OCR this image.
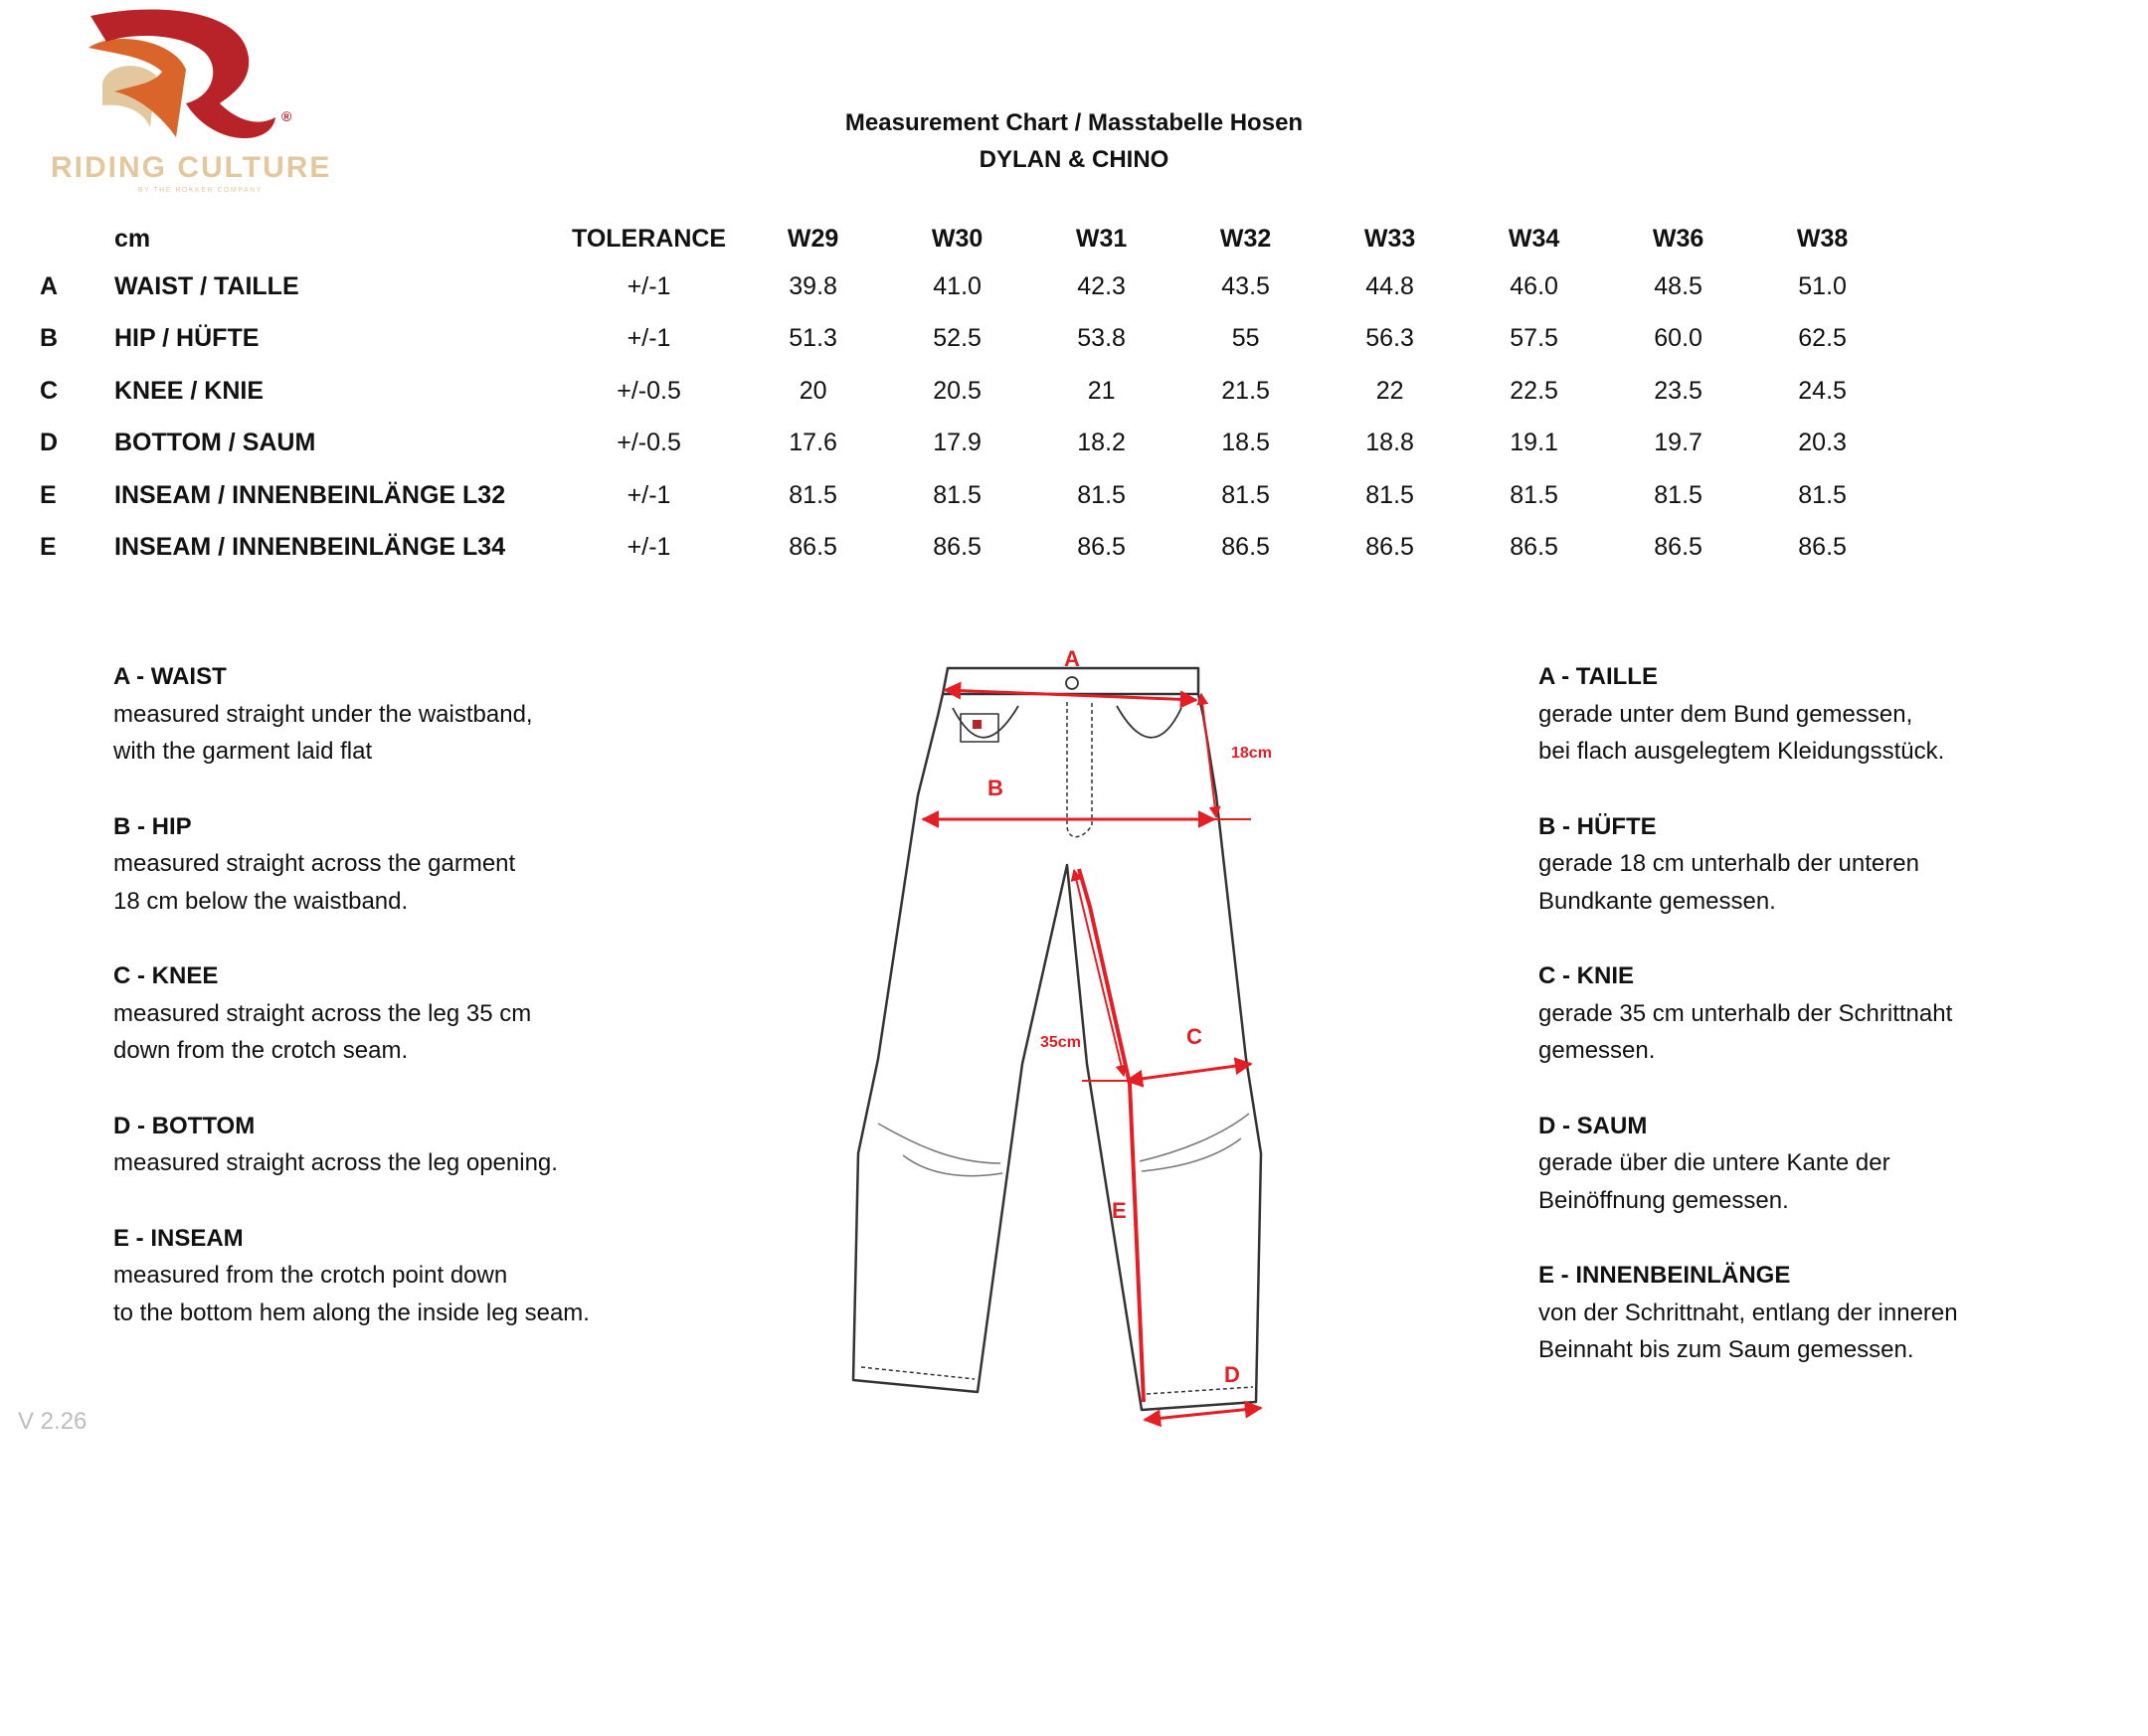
®
RIDING CULTURE
BY THE ROKKER COMPANY
Measurement Chart / Masstabelle Hosen
DYLAN & CHINO
	cm	TOLERANCE		W29	W30	W31	W32	W33	W34	W36	W38
A	WAIST / TAILLE	+/-1		39.8	41.0	42.3	43.5	44.8	46.0	48.5	51.0
B	HIP / HÜFTE	+/-1		51.3	52.5	53.8	55	56.3	57.5	60.0	62.5
C	KNEE / KNIE	+/-0.5		20	20.5	21	21.5	22	22.5	23.5	24.5
D	BOTTOM / SAUM	+/-0.5		17.6	17.9	18.2	18.5	18.8	19.1	19.7	20.3
E	INSEAM / INNENBEINLÄNGE L32	+/-1		81.5	81.5	81.5	81.5	81.5	81.5	81.5	81.5
E	INSEAM / INNENBEINLÄNGE L34	+/-1		86.5	86.5	86.5	86.5	86.5	86.5	86.5	86.5
A - WAIST
measured straight under the waistband,
with the garment laid flat
B - HIP
measured straight across the garment
18 cm below the waistband.
C - KNEE
measured straight across the leg 35 cm
down from the crotch seam.
D - BOTTOM
measured straight across the leg opening.
E - INSEAM
measured from the crotch point down
to the bottom hem along the inside leg seam.
A - TAILLE
gerade unter dem Bund gemessen,
bei flach ausgelegtem Kleidungsstück.
B - HÜFTE
gerade 18 cm unterhalb der unteren
Bundkante gemessen.
C - KNIE
gerade 35 cm unterhalb der Schrittnaht
gemessen.
D - SAUM
gerade über die untere Kante der
Beinöffnung gemessen.
E - INNENBEINLÄNGE
von der Schrittnaht, entlang der inneren
Beinnaht bis zum Saum gemessen.
A
B
C
D
E
18cm
35cm
V 2.26
